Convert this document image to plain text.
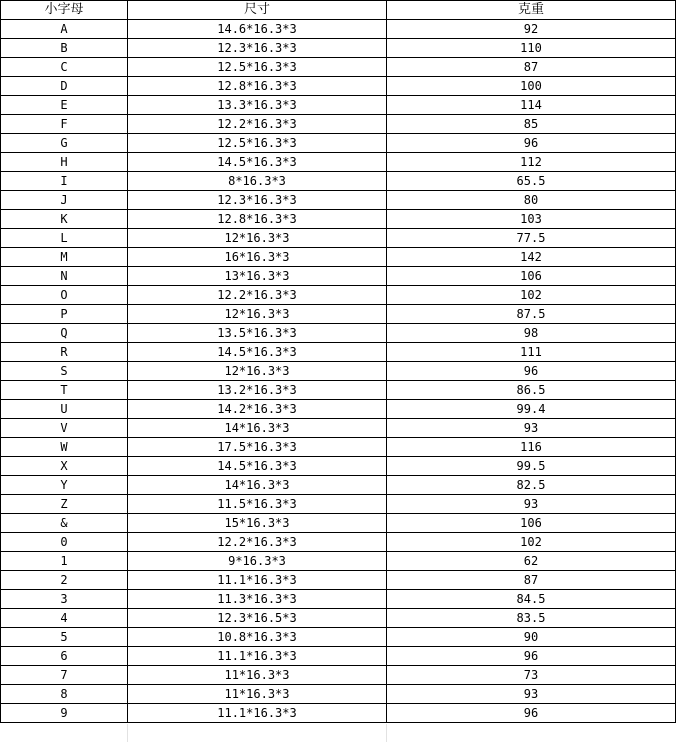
小字母	尺寸	克重
A	14.6*16.3*3	92
B	12.3*16.3*3	110
C	12.5*16.3*3	87
D	12.8*16.3*3	100
E	13.3*16.3*3	114
F	12.2*16.3*3	85
G	12.5*16.3*3	96
H	14.5*16.3*3	112
I	8*16.3*3	65.5
J	12.3*16.3*3	80
K	12.8*16.3*3	103
L	12*16.3*3	77.5
M	16*16.3*3	142
N	13*16.3*3	106
O	12.2*16.3*3	102
P	12*16.3*3	87.5
Q	13.5*16.3*3	98
R	14.5*16.3*3	111
S	12*16.3*3	96
T	13.2*16.3*3	86.5
U	14.2*16.3*3	99.4
V	14*16.3*3	93
W	17.5*16.3*3	116
X	14.5*16.3*3	99.5
Y	14*16.3*3	82.5
Z	11.5*16.3*3	93
&	15*16.3*3	106
0	12.2*16.3*3	102
1	9*16.3*3	62
2	11.1*16.3*3	87
3	11.3*16.3*3	84.5
4	12.3*16.5*3	83.5
5	10.8*16.3*3	90
6	11.1*16.3*3	96
7	11*16.3*3	73
8	11*16.3*3	93
9	11.1*16.3*3	96
